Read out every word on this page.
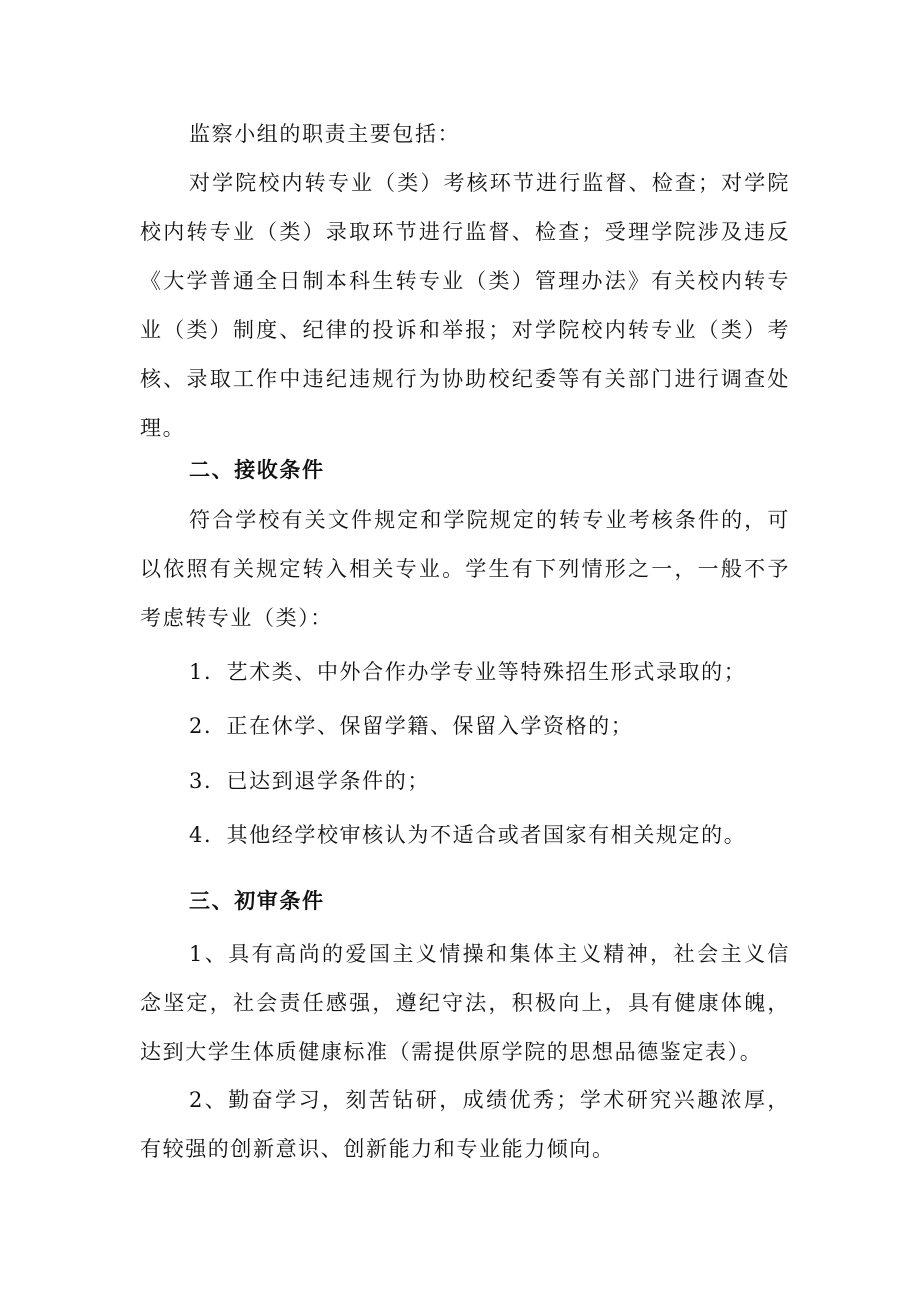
监察小组的职责主要包括：

对学院校内转专业（类）考核环节进行监督、检查；对学院校内转专业（类）录取环节进行监督、检查；受理学院涉及违反《大学普通全日制本科生转专业（类）管理办法》有关校内转专业（类）制度、纪律的投诉和举报；对学院校内转专业（类）考核、录取工作中违纪违规行为协助校纪委等有关部门进行调查处理。

二、接收条件

符合学校有关文件规定和学院规定的转专业考核条件的，可以依照有关规定转入相关专业。学生有下列情形之一，一般不予考虑转专业（类）：

1．艺术类、中外合作办学专业等特殊招生形式录取的；

2．正在休学、保留学籍、保留入学资格的；

3．已达到退学条件的；

4．其他经学校审核认为不适合或者国家有相关规定的。

三、初审条件

1、具有高尚的爱国主义情操和集体主义精神，社会主义信念坚定，社会责任感强，遵纪守法，积极向上，具有健康体魄，达到大学生体质健康标准（需提供原学院的思想品德鉴定表）。

2、勤奋学习，刻苦钻研，成绩优秀；学术研究兴趣浓厚，有较强的创新意识、创新能力和专业能力倾向。
